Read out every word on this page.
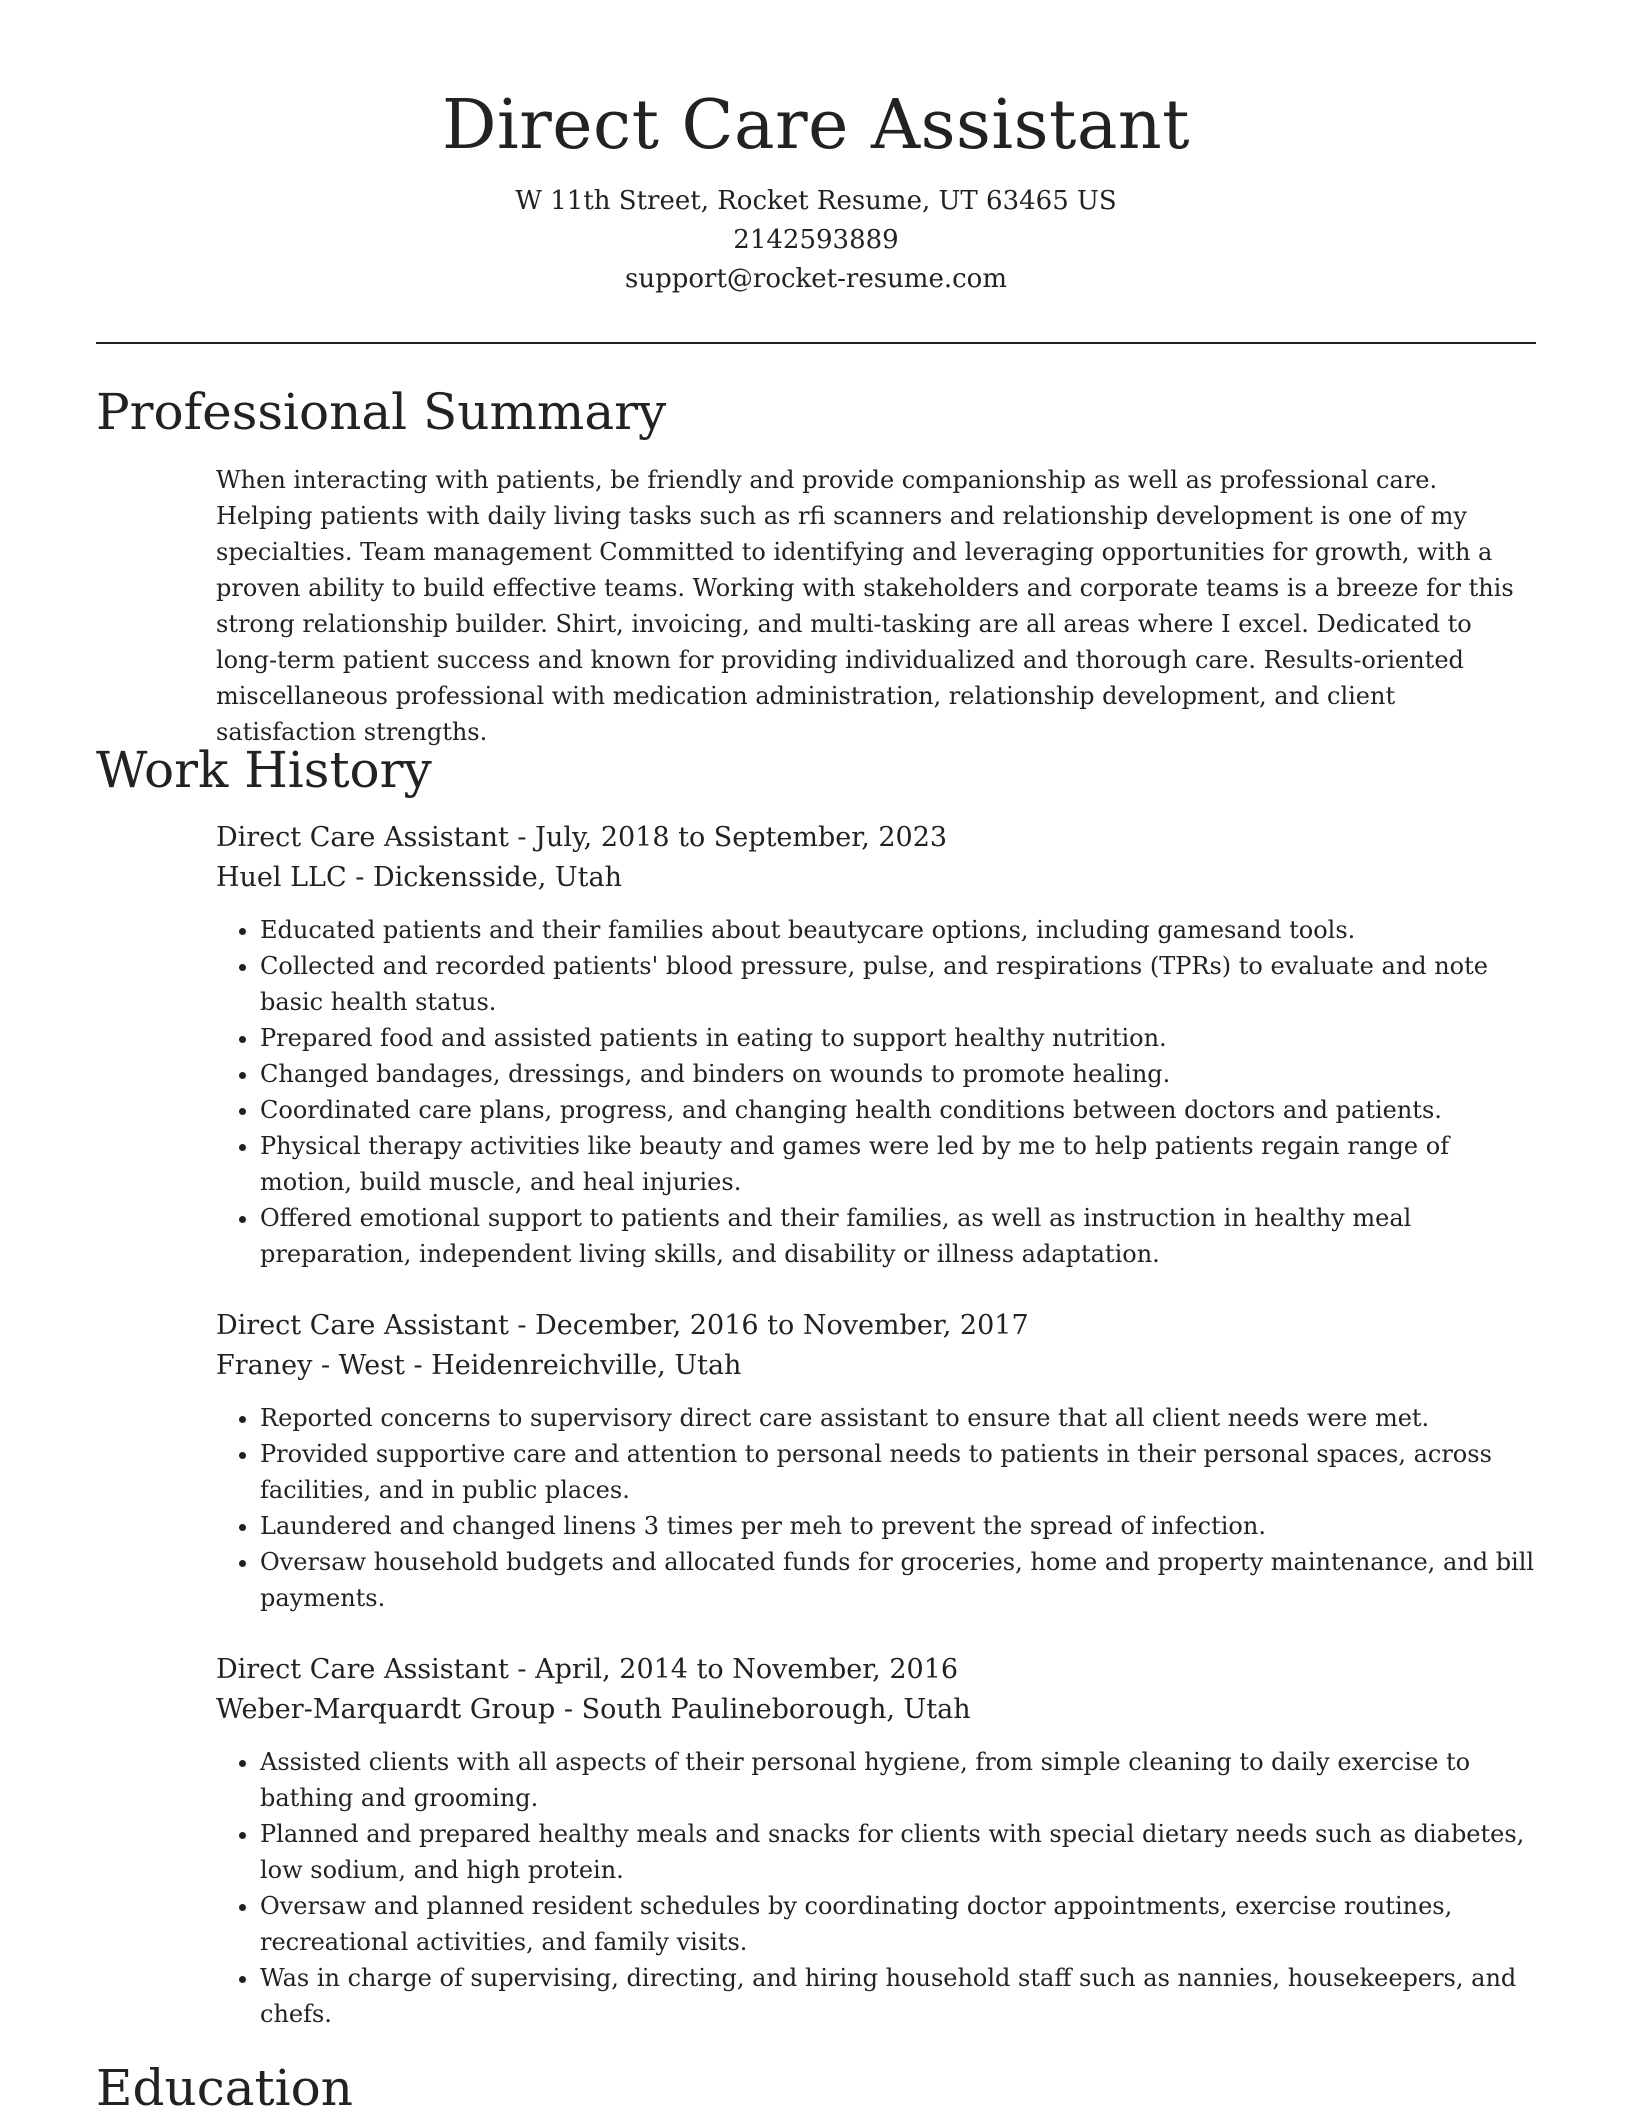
Direct Care Assistant
W 11th Street, Rocket Resume, UT 63465 US
2142593889
support@rocket-resume.com
Professional Summary

When interacting with patients, be friendly and provide companionship as well as professional care. Helping patients with daily living tasks such as rfi scanners and relationship development is one of my specialties. Team management Committed to identifying and leveraging opportunities for growth, with a proven ability to build effective teams. Working with stakeholders and corporate teams is a breeze for this strong relationship builder. Shirt, invoicing, and multi-tasking are all areas where I excel. Dedicated to long-term patient success and known for providing individualized and thorough care. Results-oriented miscellaneous professional with medication administration, relationship development, and client satisfaction strengths.

Work History
Direct Care Assistant - July, 2018 to September, 2023
Huel LLC - Dickensside, Utah
• Educated patients and their families about beautycare options, including gamesand tools.
• Collected and recorded patients' blood pressure, pulse, and respirations (TPRs) to evaluate and note basic health status.
• Prepared food and assisted patients in eating to support healthy nutrition.
• Changed bandages, dressings, and binders on wounds to promote healing.
• Coordinated care plans, progress, and changing health conditions between doctors and patients.
• Physical therapy activities like beauty and games were led by me to help patients regain range of motion, build muscle, and heal injuries.
• Offered emotional support to patients and their families, as well as instruction in healthy meal preparation, independent living skills, and disability or illness adaptation.
Direct Care Assistant - December, 2016 to November, 2017
Franey - West - Heidenreichville, Utah
• Reported concerns to supervisory direct care assistant to ensure that all client needs were met.
• Provided supportive care and attention to personal needs to patients in their personal spaces, across facilities, and in public places.
• Laundered and changed linens 3 times per meh to prevent the spread of infection.
• Oversaw household budgets and allocated funds for groceries, home and property maintenance, and bill payments.
Direct Care Assistant - April, 2014 to November, 2016
Weber-Marquardt Group - South Paulineborough, Utah
• Assisted clients with all aspects of their personal hygiene, from simple cleaning to daily exercise to bathing and grooming.
• Planned and prepared healthy meals and snacks for clients with special dietary needs such as diabetes, low sodium, and high protein.
• Oversaw and planned resident schedules by coordinating doctor appointments, exercise routines, recreational activities, and family visits.
• Was in charge of supervising, directing, and hiring household staff such as nannies, housekeepers, and chefs.
Education
